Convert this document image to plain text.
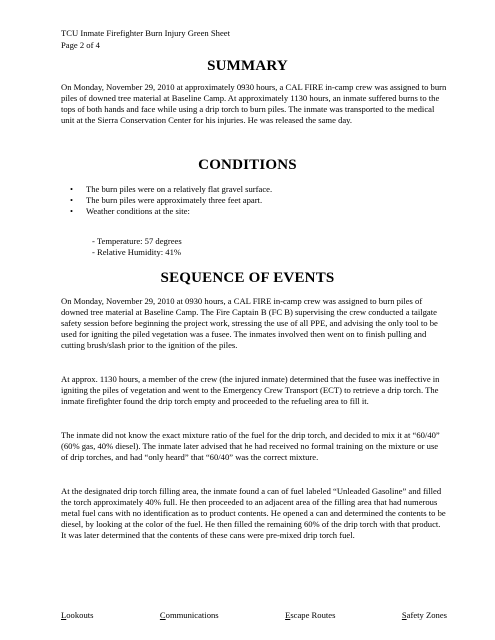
TCU Inmate Firefighter Burn Injury Green Sheet
Page 2 of 4
SUMMARY

On Monday, November 29, 2010 at approximately 0930 hours, a CAL FIRE in-camp crew was assigned to burn piles of downed tree material at Baseline Camp. At approximately 1130 hours, an inmate suffered burns to the tops of both hands and face while using a drip torch to burn piles. The inmate was transported to the medical unit at the Sierra Conservation Center for his injuries. He was released the same day.

CONDITIONS
• The burn piles were on a relatively flat gravel surface.
• The burn piles were approximately three feet apart.
• Weather conditions at the site:
- Temperature: 57 degrees
- Relative Humidity: 41%
SEQUENCE OF EVENTS

On Monday, November 29, 2010 at 0930 hours, a CAL FIRE in-camp crew was assigned to burn piles of downed tree material at Baseline Camp. The Fire Captain B (FC B) supervising the crew conducted a tailgate safety session before beginning the project work, stressing the use of all PPE, and advising the only tool to be used for igniting the piled vegetation was a fusee. The inmates involved then went on to finish pulling and cutting brush/slash prior to the ignition of the piles.

At approx. 1130 hours, a member of the crew (the injured inmate) determined that the fusee was ineffective in igniting the piles of vegetation and went to the Emergency Crew Transport (ECT) to retrieve a drip torch. The inmate firefighter found the drip torch empty and proceeded to the refueling area to fill it.

The inmate did not know the exact mixture ratio of the fuel for the drip torch, and decided to mix it at “60/40” (60% gas, 40% diesel). The inmate later advised that he had received no formal training on the mixture or use of drip torches, and had “only heard” that “60/40” was the correct mixture.

At the designated drip torch filling area, the inmate found a can of fuel labeled “Unleaded Gasoline” and filled the torch approximately 40% full. He then proceeded to an adjacent area of the filling area that had numerous metal fuel cans with no identification as to product contents. He opened a can and determined the contents to be diesel, by looking at the color of the fuel. He then filled the remaining 60% of the drip torch with that product. It was later determined that the contents of these cans were pre-mixed drip torch fuel.

Lookouts	Communications	Escape Routes	Safety Zones
